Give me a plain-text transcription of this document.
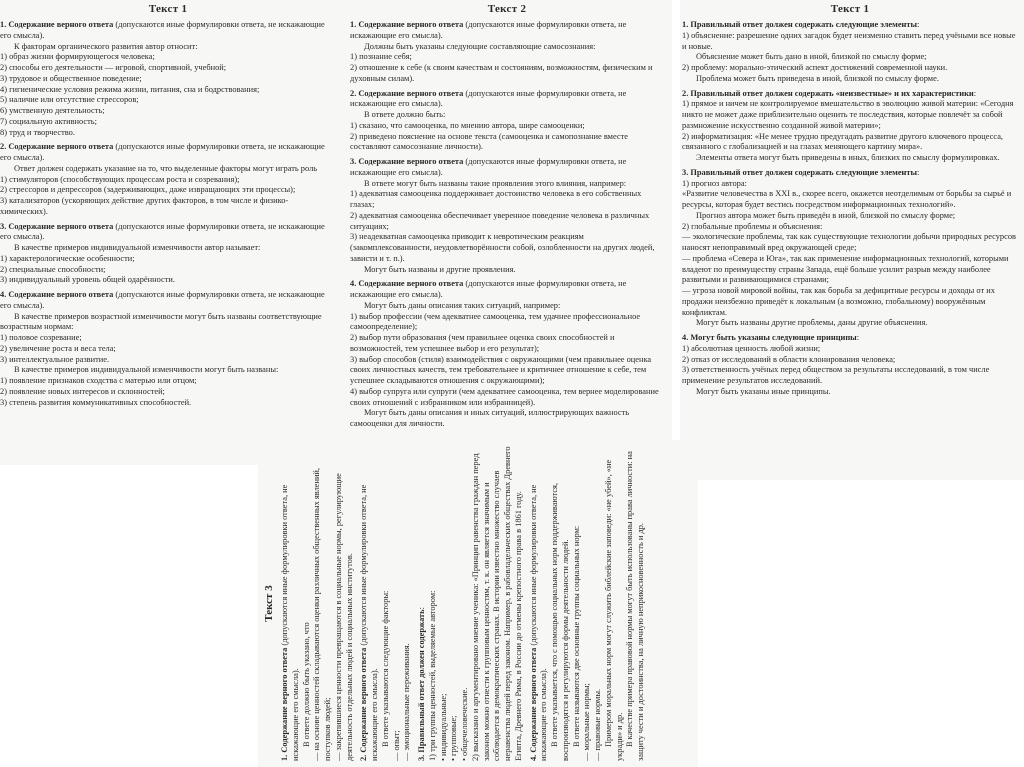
Текст 1

1. Содержание верного ответа (допускаются иные формулировки ответа, не искажающие его смысла).

К факторам органического развития автор относит:

1) образ жизни формирующегося человека;

2) способы его деятельности — игровой, спортивной, учебной;

3) трудовое и общественное поведение;

4) гигиенические условия режима жизни, питания, сна и бодрствования;

5) наличие или отсутствие стрессоров;

6) умственную деятельность;

7) социальную активность;

8) труд и творчество.

2. Содержание верного ответа (допускаются иные формулировки ответа, не искажающие его смысла).

Ответ должен содержать указание на то, что выделенные факторы могут играть роль

1) стимуляторов (способствующих процессам роста и созревания);

2) стрессоров и депрессоров (задерживающих, даже извращающих эти процессы);

3) катализаторов (ускоряющих действие других факторов, в том числе и физико-химических).

3. Содержание верного ответа (допускаются иные формулировки ответа, не искажающие его смысла).

В качестве примеров индивидуальной изменчивости автор называет:

1) характерологические особенности;

2) специальные способности;

3) индивидуальный уровень общей одарённости.

4. Содержание верного ответа (допускаются иные формулировки ответа, не искажающие его смысла).

В качестве примеров возрастной изменчивости могут быть названы соответствующие возрастным нормам:

1) половое созревание;

2) увеличение роста и веса тела;

3) интеллектуальное развитие.

В качестве примеров индивидуальной изменчивости могут быть названы:

1) появление признаков сходства с матерью или отцом;

2) появление новых интересов и склонностей;

3) степень развития коммуникативных способностей.

Текст 2

1. Содержание верного ответа (допускаются иные формулировки ответа, не искажающие его смысла).

Должны быть указаны следующие составляющие самосознания:

1) познание себя;

2) отношение к себе (к своим качествам и состояниям, возможностям, физическим и духовным силам).

2. Содержание верного ответа (допускаются иные формулировки ответа, не искажающие его смысла).

В ответе должно быть:

1) сказано, что самооценка, по мнению автора, шире самооценки;

2) приведено пояснение на основе текста (самооценка и самопознание вместе составляют самосознание личности).

3. Содержание верного ответа (допускаются иные формулировки ответа, не искажающие его смысла).

В ответе могут быть названы такие проявления этого влияния, например:

1) адекватная самооценка поддерживает достоинство человека в его собственных глазах;

2) адекватная самооценка обеспечивает уверенное поведение человека в различных ситуациях;

3) неадекватная самооценка приводит к невротическим реакциям (закомплексованности, неудовлетворённости собой, озлобленности на других людей, зависти и т. п.).

Могут быть названы и другие проявления.

4. Содержание верного ответа (допускаются иные формулировки ответа, не искажающие его смысла).

Могут быть даны описания таких ситуаций, например:

1) выбор профессии (чем адекватнее самооценка, тем удачнее профессиональное самоопределение);

2) выбор пути образования (чем правильнее оценка своих способностей и возможностей, тем успешнее выбор и его результат);

3) выбор способов (стиля) взаимодействия с окружающими (чем правильнее оценка своих личностных качеств, тем требовательнее и критичнее отношение к себе, тем успешнее складываются отношения с окружающими);

4) выбор супруга или супруги (чем адекватнее самооценка, тем вернее моделирование своих отношений с избранником или избранницей).

Могут быть даны описания и иных ситуаций, иллюстрирующих важность самооценки для личности.

Текст 1

1. Правильный ответ должен содержать следующие элементы:

1) объяснение: разрешение одних загадок будет неизменно ставить перед учёными все новые и новые.

Объяснение может быть дано в иной, близкой по смыслу форме;

2) проблему: морально-этический аспект достижений современной науки.

Проблема может быть приведена в иной, близкой по смыслу форме.

2. Правильный ответ должен содержать «неизвестные» и их характеристики:

1) прямое и ничем не контролируемое вмешательство в эволюцию живой материи: «Сегодня никто не может даже приблизительно оценить те последствия, которые повлечёт за собой размножение искусственно созданной живой материи»;

2) информатизация: «Не менее трудно предугадать развитие другого ключевого процесса, связанного с глобализацией и на глазах меняющего картину мира».

Элементы ответа могут быть приведены в иных, близких по смыслу формулировках.

3. Правильный ответ должен содержать следующие элементы:

1) прогноз автора:

«Развитие человечества в XXI в., скорее всего, окажется неотделимым от борьбы за сырьё и ресурсы, которая будет вестись посредством информационных технологий».

Прогноз автора может быть приведён в иной, близкой по смыслу форме;

2) глобальные проблемы и объяснения:

— экологические проблемы, так как существующие технологии добычи природных ресурсов наносят непоправимый вред окружающей среде;

— проблема «Севера и Юга», так как применение информационных технологий, которыми владеют по преимуществу страны Запада, ещё больше усилит разрыв между наиболее развитыми и развивающимися странами;

— угроза новой мировой войны, так как борьба за дефицитные ресурсы и доходы от их продажи неизбежно приведёт к локальным (а возможно, глобальному) вооружённым конфликтам.

Могут быть названы другие проблемы, даны другие объяснения.

4. Могут быть указаны следующие принципы:

1) абсолютная ценность любой жизни;

2) отказ от исследований в области клонирования человека;

3) ответственность учёных перед обществом за результаты исследований, в том числе применение результатов исследований.

Могут быть указаны иные принципы.

Текст 3

1. Содержание верного ответа (допускаются иные формулировки ответа, не искажающие его смысла). В ответе должно быть указано, что — на основе ценностей складываются оценки различных общественных явлений, поступков людей; — закрепившиеся ценности превращаются в социальные нормы, регулирующие деятельность отдельных людей и социальных институтов. 2. Содержание верного ответа (допускаются иные формулировки ответа, не искажающие его смысла). В ответе указываются следующие факторы: — опыт; — эмоциональные переживания. 3. Правильный ответ должен содержать: 1) три группы ценностей, выделяемые автором: • индивидуальные; • групповые; • общечеловеческие. 2) высказано и аргументировано мнение ученика: «Принцип равенства граждан перед законом можно отнести к групповым ценностям, т. к. он является значимым и соблюдается в демократических странах. В истории известно множество случаев неравенства людей перед законом. Например, в рабовладельческих обществах Древнего Египта, Древнего Рима, в России до отмены крепостного права в 1861 году. 4. Содержание верного ответа (допускаются иные формулировки ответа, не искажающие его смысла). В ответе указывается, что с помощью социальных норм поддерживаются, воспроизводятся и регулируются формы деятельности людей. В ответе называются две основные группы социальных норм: — моральные нормы; — правовые нормы. Примером моральных норм могут служить библейские заповеди: «не убей», «не укради» и др. В качестве примера правовой нормы могут быть использованы права личности: на защиту чести и достоинства, на личную неприкосновенность и др.
